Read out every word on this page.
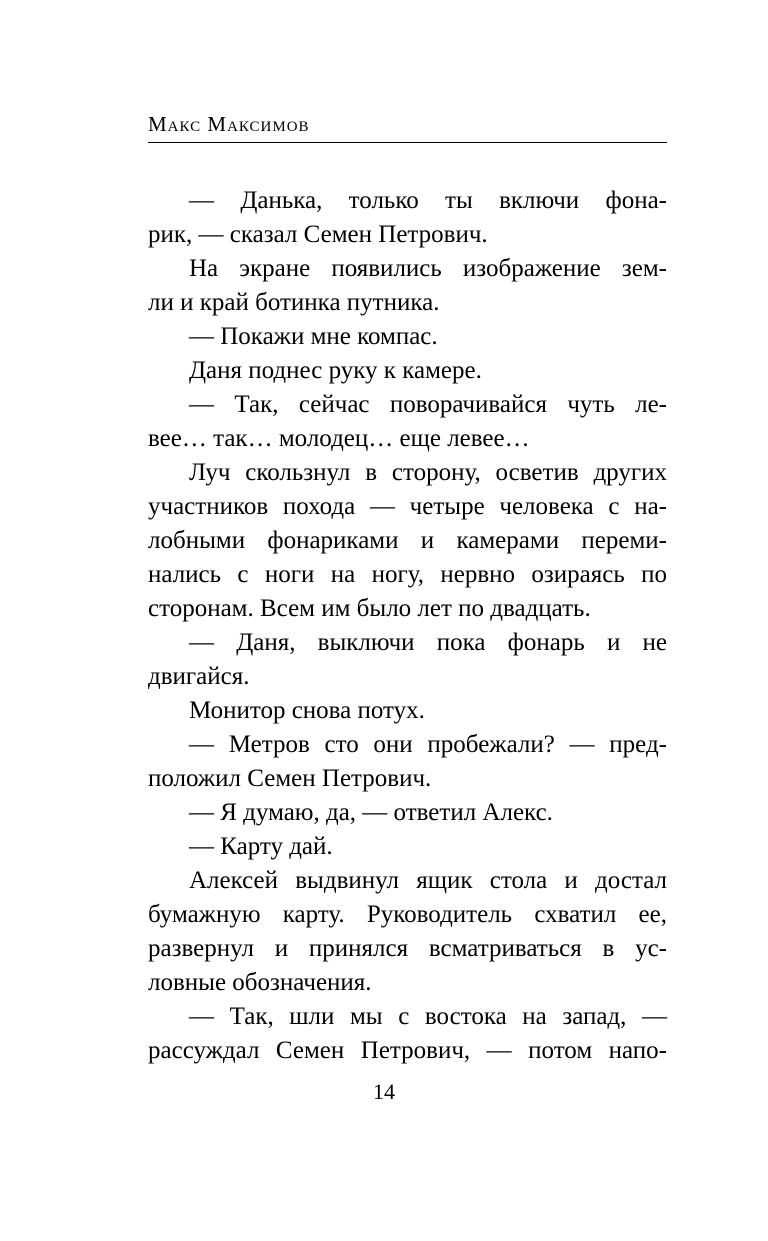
Макс Максимов
— Данька, только ты включи фона-
рик, — сказал Семен Петрович.
На экране появились изображение зем-
ли и край ботинка путника.
— Покажи мне компас.
Даня поднес руку к камере.
— Так, сейчас поворачивайся чуть ле-
вее… так… молодец… еще левее…
Луч скользнул в сторону, осветив других
участников похода — четыре человека с на-
лобными фонариками и камерами переми-
нались с ноги на ногу, нервно озираясь по
сторонам. Всем им было лет по двадцать.
— Даня, выключи пока фонарь и не
двигайся.
Монитор снова потух.
— Метров сто они пробежали? — пред-
положил Семен Петрович.
— Я думаю, да, — ответил Алекс.
— Карту дай.
Алексей выдвинул ящик стола и достал
бумажную карту. Руководитель схватил ее,
развернул и принялся всматриваться в ус-
ловные обозначения.
— Так, шли мы с востока на запад, —
рассуждал Семен Петрович, — потом напо-
14
